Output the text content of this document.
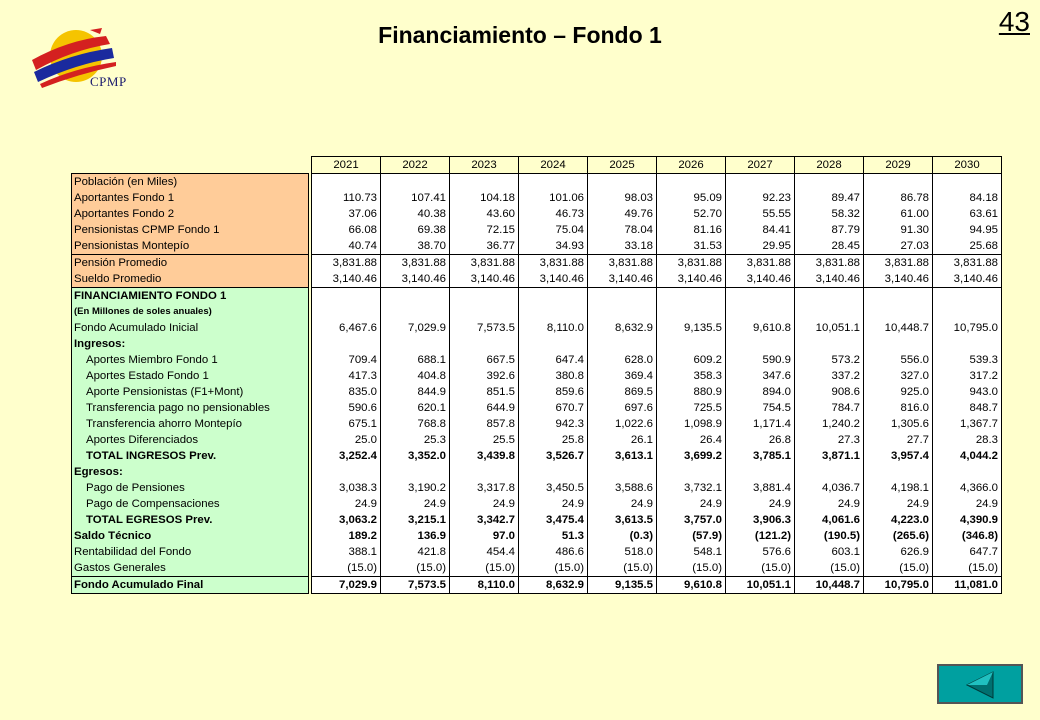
CPMP
Financiamiento – Fondo 1	43
		2021	2022	2023	2024	2025	2026	2027	2028	2029	2030
Población (en Miles)											
Aportantes Fondo 1		110.73	107.41	104.18	101.06	98.03	95.09	92.23	89.47	86.78	84.18
Aportantes Fondo 2		37.06	40.38	43.60	46.73	49.76	52.70	55.55	58.32	61.00	63.61
Pensionistas CPMP Fondo 1		66.08	69.38	72.15	75.04	78.04	81.16	84.41	87.79	91.30	94.95
Pensionistas Montepío		40.74	38.70	36.77	34.93	33.18	31.53	29.95	28.45	27.03	25.68
Pensión Promedio		3,831.88	3,831.88	3,831.88	3,831.88	3,831.88	3,831.88	3,831.88	3,831.88	3,831.88	3,831.88
Sueldo Promedio		3,140.46	3,140.46	3,140.46	3,140.46	3,140.46	3,140.46	3,140.46	3,140.46	3,140.46	3,140.46
FINANCIAMIENTO FONDO 1											
(En Millones de soles anuales)											
Fondo Acumulado Inicial		6,467.6	7,029.9	7,573.5	8,110.0	8,632.9	9,135.5	9,610.8	10,051.1	10,448.7	10,795.0
Ingresos:											
Aportes Miembro Fondo 1		709.4	688.1	667.5	647.4	628.0	609.2	590.9	573.2	556.0	539.3
Aportes Estado Fondo 1		417.3	404.8	392.6	380.8	369.4	358.3	347.6	337.2	327.0	317.2
Aporte Pensionistas (F1+Mont)		835.0	844.9	851.5	859.6	869.5	880.9	894.0	908.6	925.0	943.0
Transferencia pago no pensionables		590.6	620.1	644.9	670.7	697.6	725.5	754.5	784.7	816.0	848.7
Transferencia ahorro Montepío		675.1	768.8	857.8	942.3	1,022.6	1,098.9	1,171.4	1,240.2	1,305.6	1,367.7
Aportes Diferenciados		25.0	25.3	25.5	25.8	26.1	26.4	26.8	27.3	27.7	28.3
TOTAL INGRESOS Prev.		3,252.4	3,352.0	3,439.8	3,526.7	3,613.1	3,699.2	3,785.1	3,871.1	3,957.4	4,044.2
Egresos:											
Pago de Pensiones		3,038.3	3,190.2	3,317.8	3,450.5	3,588.6	3,732.1	3,881.4	4,036.7	4,198.1	4,366.0
Pago de Compensaciones		24.9	24.9	24.9	24.9	24.9	24.9	24.9	24.9	24.9	24.9
TOTAL EGRESOS Prev.		3,063.2	3,215.1	3,342.7	3,475.4	3,613.5	3,757.0	3,906.3	4,061.6	4,223.0	4,390.9
Saldo Técnico		189.2	136.9	97.0	51.3	(0.3)	(57.9)	(121.2)	(190.5)	(265.6)	(346.8)
Rentabilidad del Fondo		388.1	421.8	454.4	486.6	518.0	548.1	576.6	603.1	626.9	647.7
Gastos Generales		(15.0)	(15.0)	(15.0)	(15.0)	(15.0)	(15.0)	(15.0)	(15.0)	(15.0)	(15.0)
Fondo Acumulado Final		7,029.9	7,573.5	8,110.0	8,632.9	9,135.5	9,610.8	10,051.1	10,448.7	10,795.0	11,081.0
